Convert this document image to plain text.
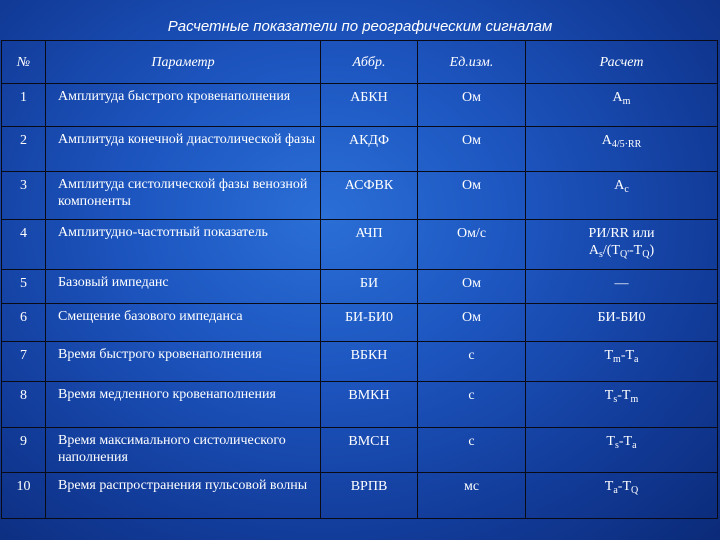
Расчетные показатели по реографическим сигналам
№	Параметр	Аббр.	Ед.изм.	Расчет
1	Амплитуда быстрого кровенаполнения	АБКН	Ом	$A_m$
2	Амплитуда конечной диастолической фазы	АКДФ	Ом	$A_{4/5\cdot RR}$
3	Амплитуда систолической фазы венозной компоненты	АСФВК	Ом	$A_c$
4	Амплитудно-частотный показатель	АЧП	Ом/с	PИ/RR или
$A_s/(T_{Q'}-T_Q)$

5	Базовый импеданс	БИ	Ом	—
6	Смещение базового импеданса	БИ-БИ0	Ом	БИ-БИ0
7	Время быстрого кровенаполнения	ВБКН	с	$T_m-T_a$
8	Время медленного кровенаполнения	ВМКН	с	$T_s-T_m$
9	Время максимального систолического наполнения	ВМСН	с	$T_s-T_a$
10	Время распространения пульсовой волны	ВРПВ	мс	$T_a-T_Q$
